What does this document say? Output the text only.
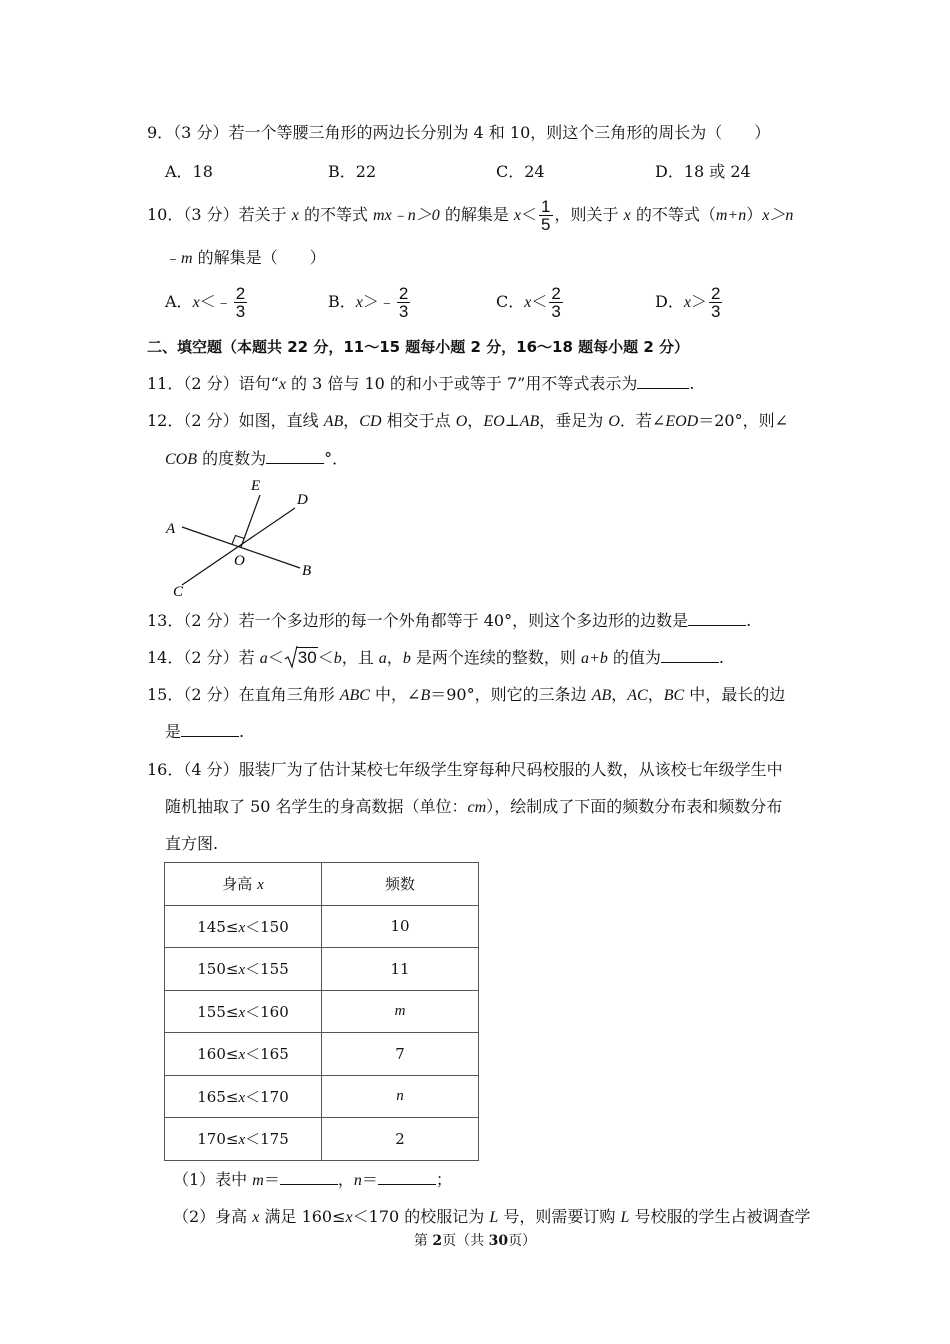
9．（3 分）若一个等腰三角形的两边长分别为 4 和 10，则这个三角形的周长为（　　）
A．18	B．22	C．24	D．18 或 24
10．（3 分）若关于 x 的不等式 mx﹣n＞0 的解集是 $x< \frac{1}{5}$ ，则关于 x 的不等式（m+n）x＞n
﹣m 的解集是（　　）
A．x＜﹣ $\frac{2}{3}$	B．x＞﹣ $\frac{2}{3}$	C．$x< \frac{2}{3}$	D．$x> \frac{2}{3}$
二、填空题（本题共 22 分，11～15 题每小题 2 分，16～18 题每小题 2 分）
11．（2 分）语句“x 的 3 倍与 10 的和小于或等于 7”用不等式表示为	.
12．（2 分）如图，直线 AB，CD 相交于点 O，EO⊥AB，垂足为 O．若∠EOD＝20°，则∠
COB 的度数为	°．
A
B
C
D
E
O
13．（2 分）若一个多边形的每一个外角都等于 40°，则这个多边形的边数是	.
14．（2 分）若 a＜ 30＜b，且 a，b 是两个连续的整数，则 a+b 的值为	.
15．（2 分）在直角三角形 ABC 中，∠B＝90°，则它的三条边 AB，AC，BC 中，最长的边
是	.
16．（4 分）服装厂为了估计某校七年级学生穿每种尺码校服的人数，从该校七年级学生中
随机抽取了 50 名学生的身高数据（单位：cm），绘制成了下面的频数分布表和频数分布
直方图.
身高 x	频数
145≤x＜150	10
150≤x＜155	11
155≤x＜160	m
160≤x＜165	7
165≤x＜170	n
170≤x＜175	2
（1）表中 m＝	，n＝	；
（2）身高 x 满足 160≤x＜170 的校服记为 L 号，则需要订购 L 号校服的学生占被调查学
第 2页（共 30页）
